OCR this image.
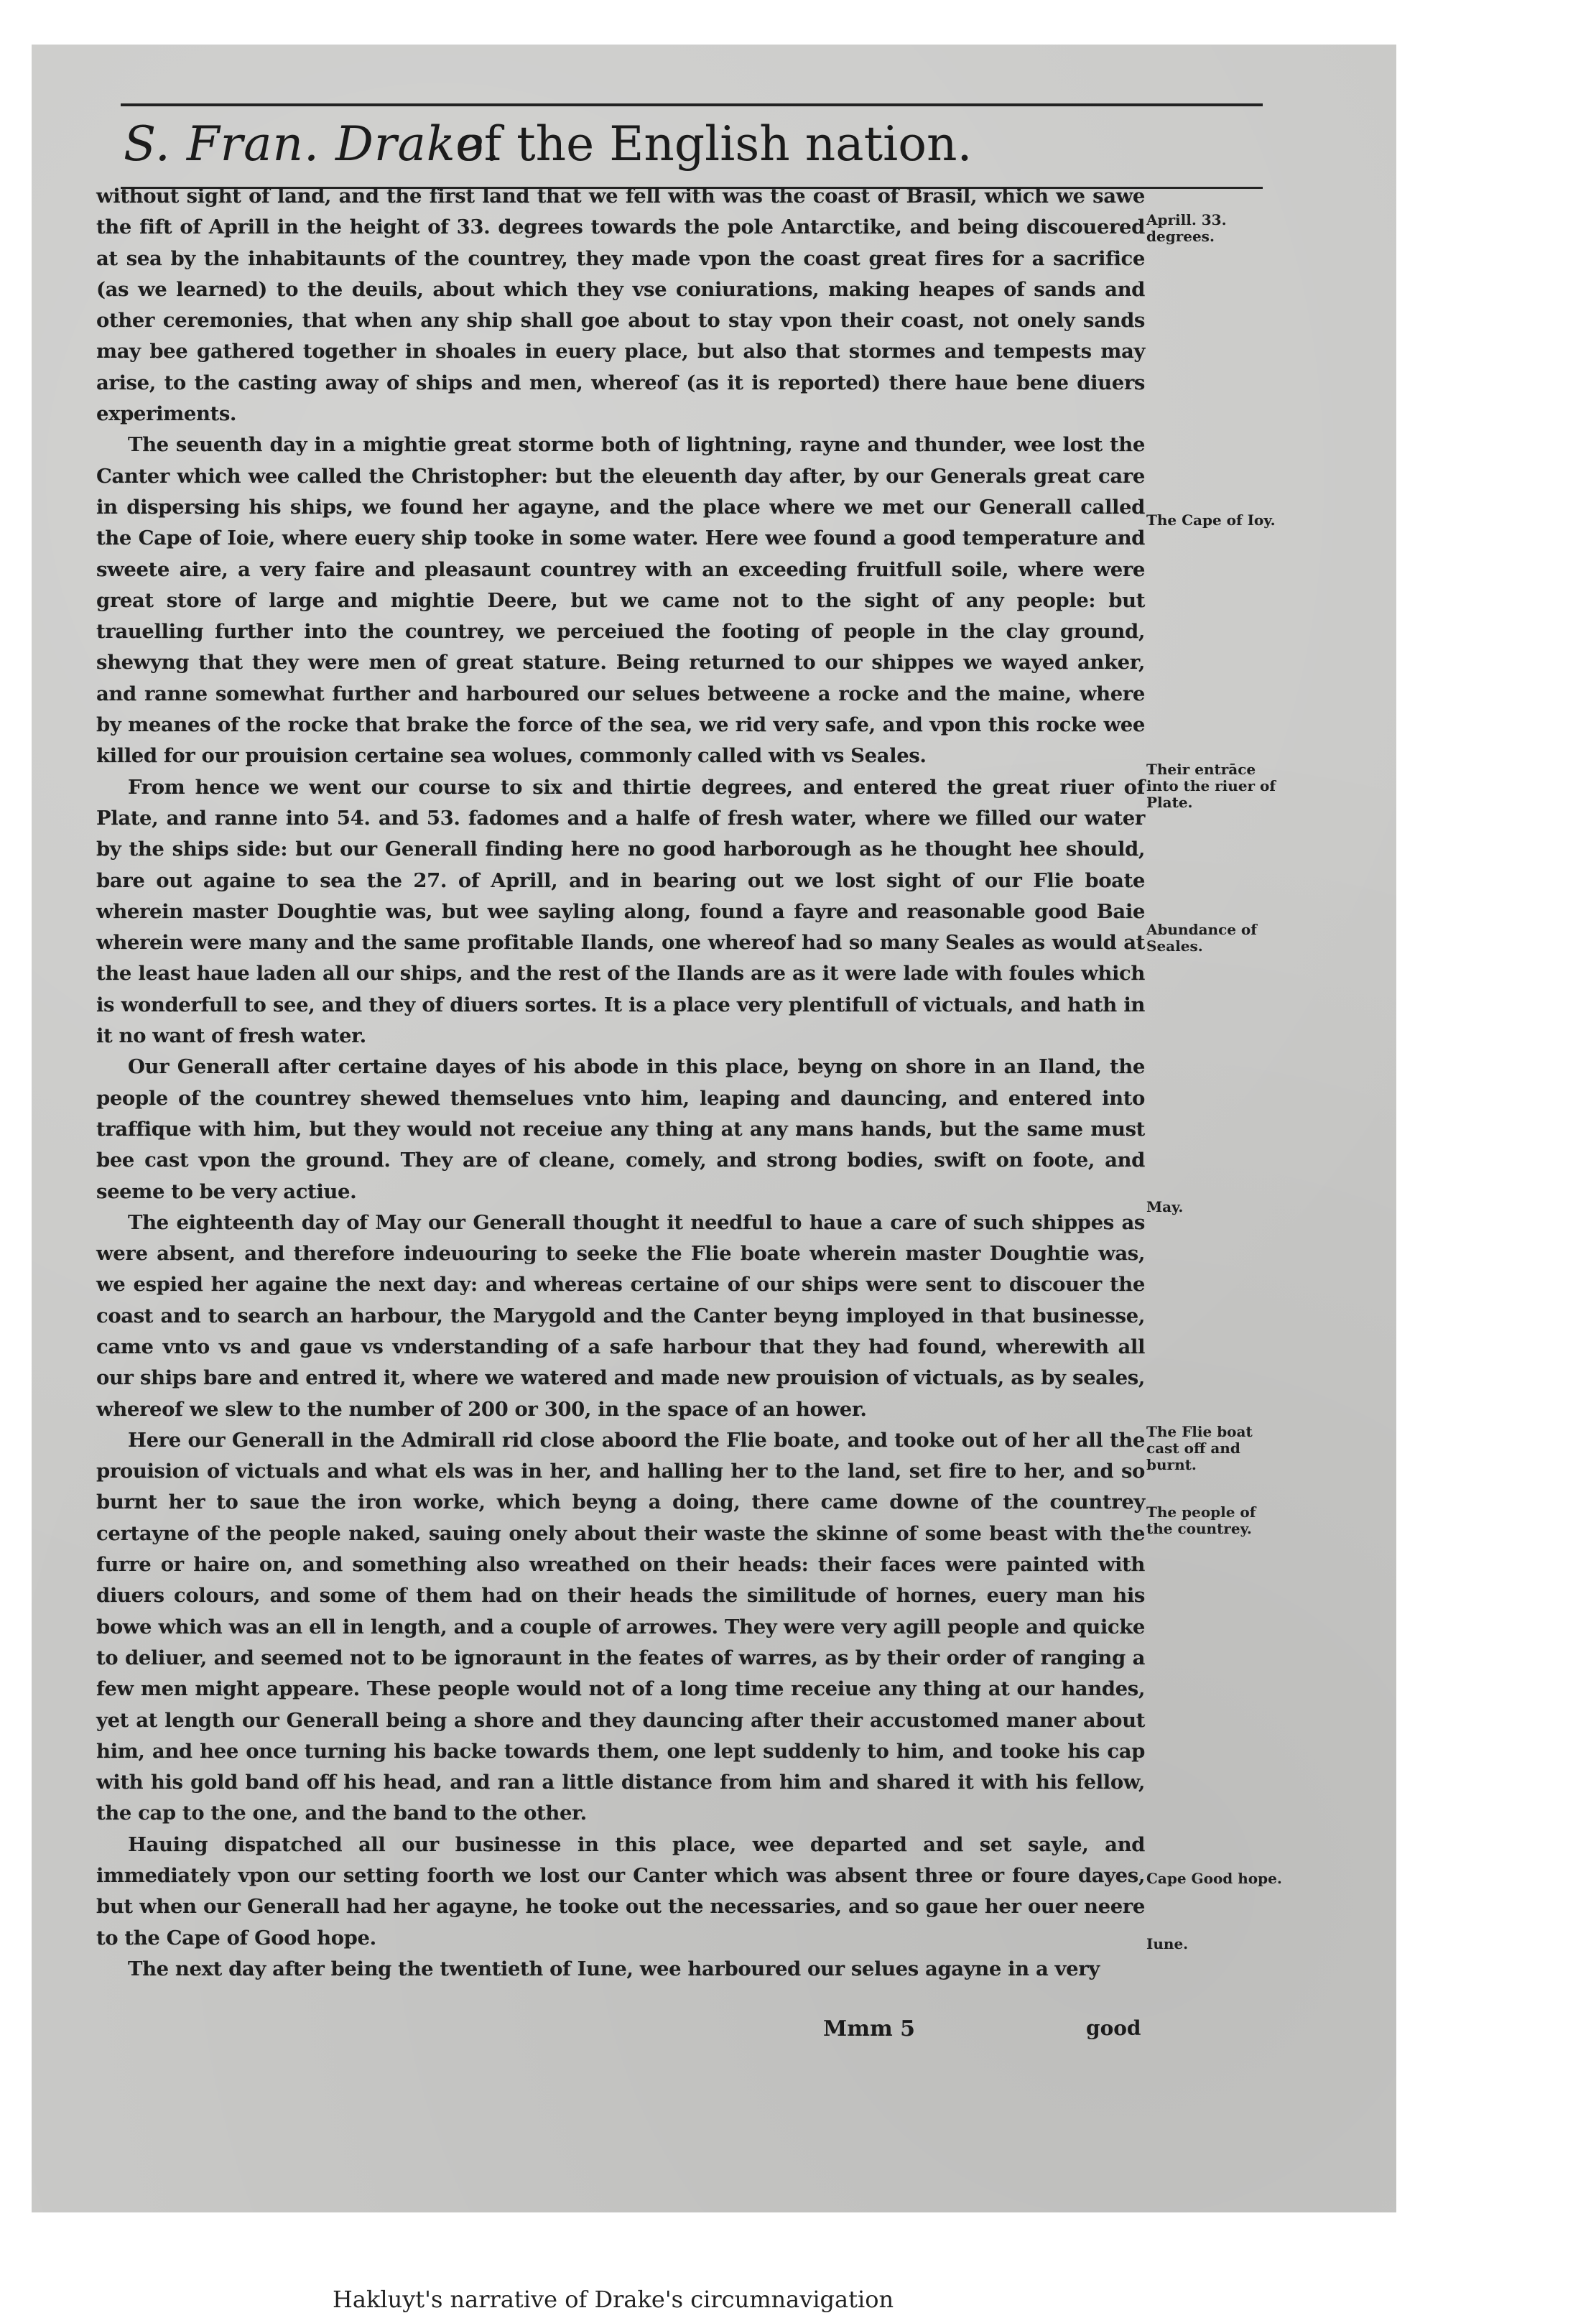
S. Fran. Drake.
of the English nation.

without sight of land, and the first land that we fell with was the coast of Brasil, which we sawe the fift of Aprill in the height of 33. degrees towards the pole Antarctike, and being discouered at sea by the inhabitaunts of the countrey, they made vpon the coast great fires for a sacrifice (as we learned) to the deuils, about which they vse coniurations, making heapes of sands and other ceremonies, that when any ship shall goe about to stay vpon their coast, not onely sands may bee gathered together in shoales in euery place, but also that stormes and tempests may arise, to the casting away of ships and men, whereof (as it is reported) there haue bene diuers experiments.

The seuenth day in a mightie great storme both of lightning, rayne and thunder, wee lost the Canter which wee called the Christopher: but the eleuenth day after, by our Generals great care in dispersing his ships, we found her agayne, and the place where we met our Generall called the Cape of Ioie, where euery ship tooke in some water. Here wee found a good temperature and sweete aire, a very faire and pleasaunt countrey with an exceeding fruitfull soile, where were great store of large and mightie Deere, but we came not to the sight of any people: but trauelling further into the countrey, we perceiued the footing of people in the clay ground, shewyng that they were men of great stature. Being returned to our shippes we wayed anker, and ranne somewhat further and harboured our selues betweene a rocke and the maine, where by meanes of the rocke that brake the force of the sea, we rid very safe, and vpon this rocke wee killed for our prouision certaine sea wolues, commonly called with vs Seales.

From hence we went our course to six and thirtie degrees, and entered the great riuer of Plate, and ranne into 54. and 53. fadomes and a halfe of fresh water, where we filled our water by the ships side: but our Generall finding here no good harborough as he thought hee should, bare out againe to sea the 27. of Aprill, and in bearing out we lost sight of our Flie boate wherein master Doughtie was, but wee sayling along, found a fayre and reasonable good Baie wherein were many and the same profitable Ilands, one whereof had so many Seales as would at the least haue laden all our ships, and the rest of the Ilands are as it were lade with foules which is wonderfull to see, and they of diuers sortes. It is a place very plentifull of victuals, and hath in it no want of fresh water.

Our Generall after certaine dayes of his abode in this place, beyng on shore in an Iland, the people of the countrey shewed themselues vnto him, leaping and dauncing, and entered into traffique with him, but they would not receiue any thing at any mans hands, but the same must bee cast vpon the ground. They are of cleane, comely, and strong bodies, swift on foote, and seeme to be very actiue.

The eighteenth day of May our Generall thought it needful to haue a care of such shippes as were absent, and therefore indeuouring to seeke the Flie boate wherein master Doughtie was, we espied her againe the next day: and whereas certaine of our ships were sent to discouer the coast and to search an harbour, the Marygold and the Canter beyng imployed in that businesse, came vnto vs and gaue vs vnderstanding of a safe harbour that they had found, wherewith all our ships bare and entred it, where we watered and made new prouision of victuals, as by seales, whereof we slew to the number of 200 or 300, in the space of an hower.

Here our Generall in the Admirall rid close aboord the Flie boate, and tooke out of her all the prouision of victuals and what els was in her, and halling her to the land, set fire to her, and so burnt her to saue the iron worke, which beyng a doing, there came downe of the countrey certayne of the people naked, sauing onely about their waste the skinne of some beast with the furre or haire on, and something also wreathed on their heads: their faces were painted with diuers colours, and some of them had on their heads the similitude of hornes, euery man his bowe which was an ell in length, and a couple of arrowes. They were very agill people and quicke to deliuer, and seemed not to be ignoraunt in the feates of warres, as by their order of ranging a few men might appeare. These people would not of a long time receiue any thing at our handes, yet at length our Generall being a shore and they dauncing after their accustomed maner about him, and hee once turning his backe towards them, one lept suddenly to him, and tooke his cap with his gold band off his head, and ran a little distance from him and shared it with his fellow, the cap to the one, and the band to the other.

Hauing dispatched all our businesse in this place, wee departed and set sayle, and immediately vpon our setting foorth we lost our Canter which was absent three or foure dayes, but when our Generall had her agayne, he tooke out the necessaries, and so gaue her ouer neere to the Cape of Good hope.

The next day after being the twentieth of Iune, wee harboured our selues agayne in a very

Aprill. 33. degrees.
The Cape of Ioy.
Their entrāce into the riuer of Plate.
Abundance of Seales.
May.
The Flie boat cast off and burnt.
The people of the countrey.
Cape Good hope.
Iune.
Mmm 5	good
Hakluyt's narrative of Drake's circumnavigation
